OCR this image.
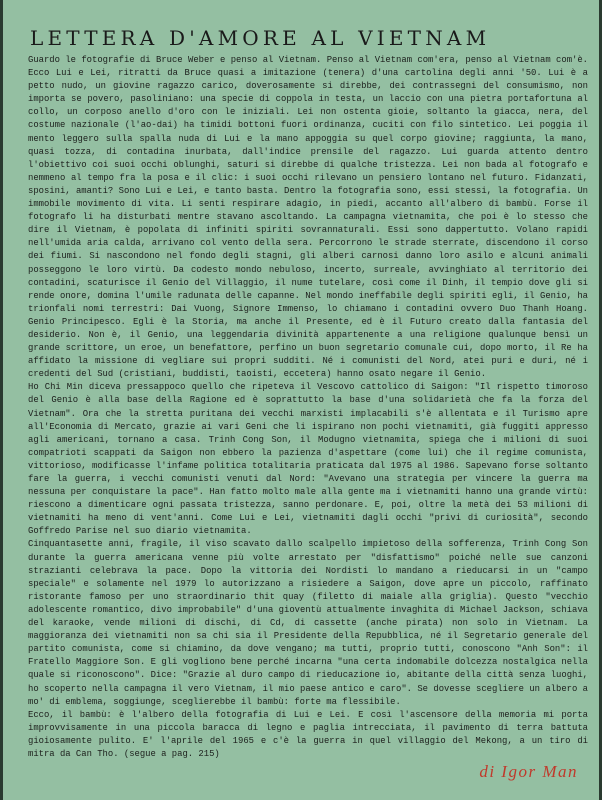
LETTERA D'AMORE AL VIETNAM

Guardo le fotografie di Bruce Weber e penso al Vietnam. Penso al Vietnam com'era, penso al Vietnam com'è. Ecco Lui e Lei, ritratti da Bruce quasi a imitazione (tenera) d'una cartolina degli anni '50. Lui è a petto nudo, un giovine ragazzo carico, doverosamente si direbbe, dei contrassegni del consumismo, non importa se povero, pasoliniano: una specie di coppola in testa, un laccio con una pietra portafortuna al collo, un corposo anello d'oro con le iniziali. Lei non ostenta gioie, soltanto la giacca, nera, del costume nazionale (l'ao-dai) ha timidi bottoni fuori ordinanza, cuciti con filo sintetico. Lei poggia il mento leggero sulla spalla nuda di Lui e la mano appoggia su quel corpo giovine; raggiunta, la mano, quasi tozza, di contadina inurbata, dall'indice prensile del ragazzo. Lui guarda attento dentro l'obiettivo coi suoi occhi oblunghi, saturi si direbbe di qualche tristezza. Lei non bada al fotografo e nemmeno al tempo fra la posa e il clic: i suoi occhi rilevano un pensiero lontano nel futuro. Fidanzati, sposini, amanti? Sono Lui e Lei, e tanto basta. Dentro la fotografia sono, essi stessi, la fotografia. Un immobile movimento di vita. Li senti respirare adagio, in piedi, accanto all'albero di bambù. Forse il fotografo li ha disturbati mentre stavano ascoltando. La campagna vietnamita, che poi è lo stesso che dire il Vietnam, è popolata di infiniti spiriti sovrannaturali. Essi sono dappertutto. Volano rapidi nell'umida aria calda, arrivano col vento della sera. Percorrono le strade sterrate, discendono il corso dei fiumi. Si nascondono nel fondo degli stagni, gli alberi carnosi danno loro asilo e alcuni animali posseggono le loro virtù. Da codesto mondo nebuloso, incerto, surreale, avvinghiato al territorio dei contadini, scaturisce il Genio del Villaggio, il nume tutelare, così come il Dinh, il tempio dove gli si rende onore, domina l'umile radunata delle capanne. Nel mondo ineffabile degli spiriti egli, il Genio, ha trionfali nomi terrestri: Dai Vuong, Signore Immenso, lo chiamano i contadini ovvero Duo Thanh Hoang. Genio Principesco. Egli è la Storia, ma anche il Presente, ed è il Futuro creato dalla fantasia del desiderio. Non è, il Genio, una leggendaria divinità appartenente a una religione qualunque bensì un grande scrittore, un eroe, un benefattore, perfino un buon segretario comunale cui, dopo morto, il Re ha affidato la missione di vegliare sui propri sudditi. Né i comunisti del Nord, atei puri e duri, né i credenti del Sud (cristiani, buddisti, taoisti, eccetera) hanno osato negare il Genio.

Ho Chi Min diceva pressappoco quello che ripeteva il Vescovo cattolico di Saigon: "Il rispetto timoroso del Genio è alla base della Ragione ed è soprattutto la base d'una solidarietà che fa la forza del Vietnam". Ora che la stretta puritana dei vecchi marxisti implacabili s'è allentata e il Turismo apre all'Economia di Mercato, grazie ai vari Geni che li ispirano non pochi vietnamiti, già fuggiti appresso agli americani, tornano a casa. Trinh Cong Son, il Modugno vietnamita, spiega che i milioni di suoi compatrioti scappati da Saigon non ebbero la pazienza d'aspettare (come lui) che il regime comunista, vittorioso, modificasse l'infame politica totalitaria praticata dal 1975 al 1986. Sapevano forse soltanto fare la guerra, i vecchi comunisti venuti dal Nord: "Avevano una strategia per vincere la guerra ma nessuna per conquistare la pace". Han fatto molto male alla gente ma i vietnamiti hanno una grande virtù: riescono a dimenticare ogni passata tristezza, sanno perdonare. E, poi, oltre la metà dei 53 milioni di vietnamiti ha meno di vent'anni. Come Lui e Lei, vietnamiti dagli occhi "privi di curiosità", secondo Goffredo Parise nel suo diario vietnamita.

Cinquantasette anni, fragile, il viso scavato dallo scalpello impietoso della sofferenza, Trinh Cong Son durante la guerra americana venne più volte arrestato per "disfattismo" poiché nelle sue canzoni strazianti celebrava la pace. Dopo la vittoria dei Nordisti lo mandano a rieducarsi in un "campo speciale" e solamente nel 1979 lo autorizzano a risiedere a Saigon, dove apre un piccolo, raffinato ristorante famoso per uno straordinario thit quay (filetto di maiale alla griglia). Questo "vecchio adolescente romantico, divo improbabile" d'una gioventù attualmente invaghita di Michael Jackson, schiava del karaoke, vende milioni di dischi, di Cd, di cassette (anche pirata) non solo in Vietnam. La maggioranza dei vietnamiti non sa chi sia il Presidente della Repubblica, né il Segretario generale del partito comunista, come si chiamino, da dove vengano; ma tutti, proprio tutti, conoscono "Anh Son": il Fratello Maggiore Son. E gli vogliono bene perché incarna "una certa indomabile dolcezza nostalgica nella quale si riconoscono". Dice: "Grazie al duro campo di rieducazione io, abitante della città senza luoghi, ho scoperto nella campagna il vero Vietnam, il mio paese antico e caro". Se dovesse scegliere un albero a mo' di emblema, soggiunge, sceglierebbe il bambù: forte ma flessibile.

Ecco, il bambù: è l'albero della fotografia di Lui e Lei. E così l'ascensore della memoria mi porta improvvisamente in una piccola baracca di legno e paglia intrecciata, il pavimento di terra battuta gioiosamente pulito. E' l'aprile del 1965 e c'è la guerra in quel villaggio del Mekong, a un tiro di mitra da Can Tho. (segue a pag. 215)

di Igor Man
